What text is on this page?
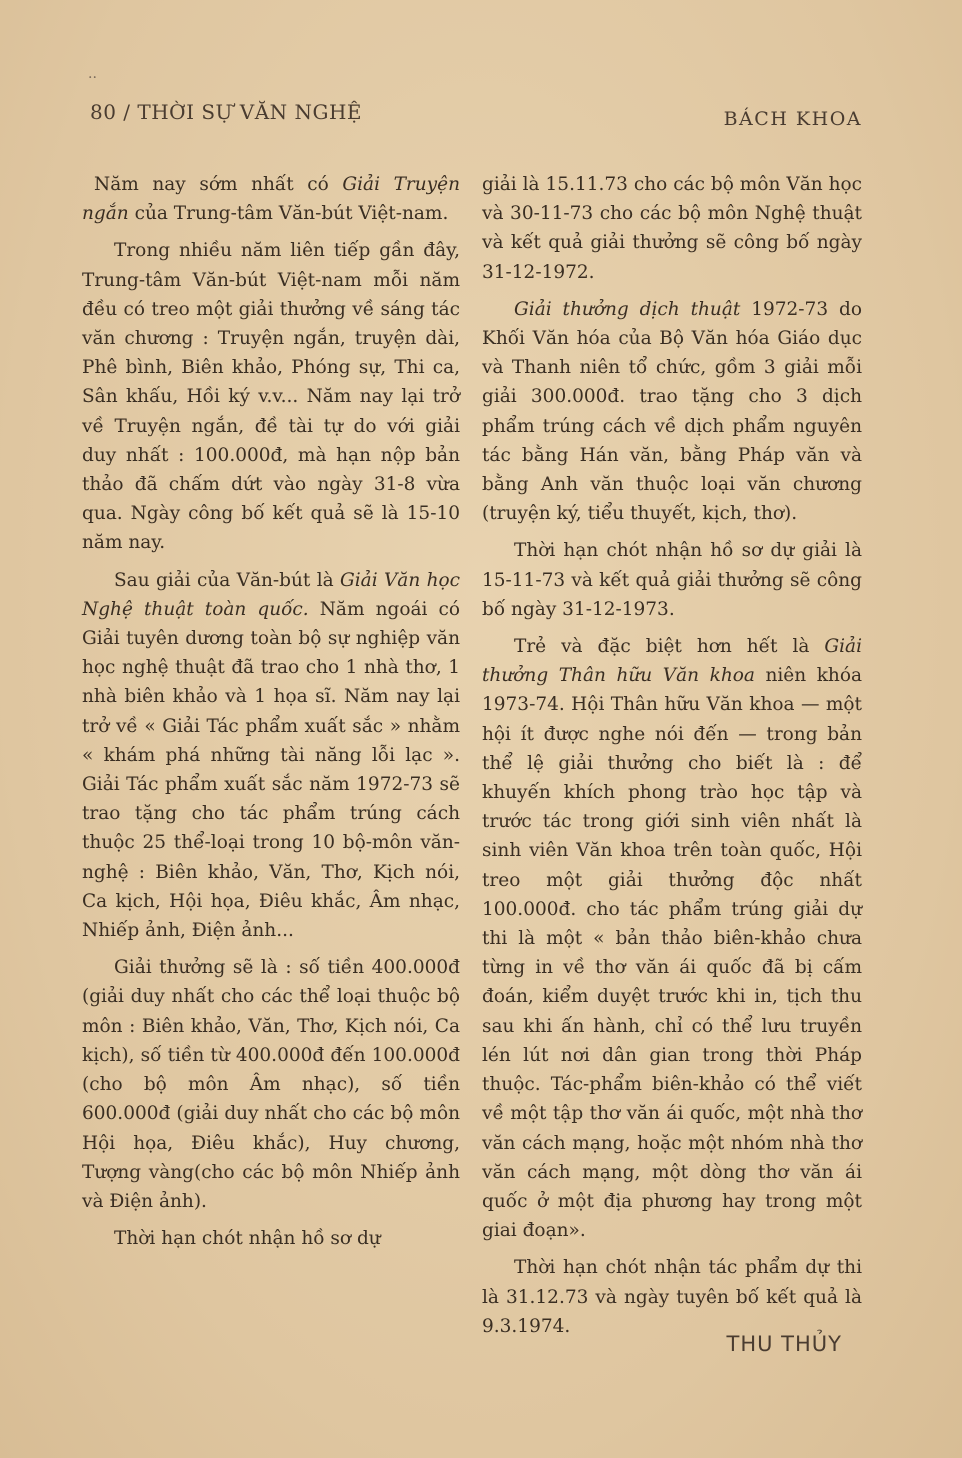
..
80 / THỜI SỰ VĂN NGHỆ	BÁCH KHOA

Năm nay sớm nhất có Giải Truyện ngắn của Trung-tâm Văn-bút Việt-nam.

Trong nhiều năm liên tiếp gần đây, Trung-tâm Văn-bút Việt-nam mỗi năm đều có treo một giải thưởng về sáng tác văn chương : Truyện ngắn, truyện dài, Phê bình, Biên khảo, Phóng sự, Thi ca, Sân khấu, Hồi ký v.v... Năm nay lại trở về Truyện ngắn, đề tài tự do với giải duy nhất : 100.000đ, mà hạn nộp bản thảo đã chấm dứt vào ngày 31-8 vừa qua. Ngày công bố kết quả sẽ là 15-10 năm nay.

Sau giải của Văn-bút là Giải Văn học Nghệ thuật toàn quốc. Năm ngoái có Giải tuyên dương toàn bộ sự nghiệp văn học nghệ thuật đã trao cho 1 nhà thơ, 1 nhà biên khảo và 1 họa sĩ. Năm nay lại trở về « Giải Tác phẩm xuất sắc » nhằm « khám phá những tài năng lỗi lạc ». Giải Tác phẩm xuất sắc năm 1972-73 sẽ trao tặng cho tác phẩm trúng cách thuộc 25 thể-loại trong 10 bộ-môn văn-nghệ : Biên khảo, Văn, Thơ, Kịch nói, Ca kịch, Hội họa, Điêu khắc, Âm nhạc, Nhiếp ảnh, Điện ảnh...

Giải thưởng sẽ là : số tiền 400.000đ (giải duy nhất cho các thể loại thuộc bộ môn : Biên khảo, Văn, Thơ, Kịch nói, Ca kịch), số tiền từ 400.000đ đến 100.000đ (cho bộ môn Âm nhạc), số tiền 600.000đ (giải duy nhất cho các bộ môn Hội họa, Điêu khắc), Huy chương, Tượng vàng(cho các bộ môn Nhiếp ảnh và Điện ảnh).

Thời hạn chót nhận hồ sơ dự

giải là 15.11.73 cho các bộ môn Văn học và 30-11-73 cho các bộ môn Nghệ thuật và kết quả giải thưởng sẽ công bố ngày 31-12-1972.

Giải thưởng dịch thuật 1972-73 do Khối Văn hóa của Bộ Văn hóa Giáo dục và Thanh niên tổ chức, gồm 3 giải mỗi giải 300.000đ. trao tặng cho 3 dịch phẩm trúng cách về dịch phẩm nguyên tác bằng Hán văn, bằng Pháp văn và bằng Anh văn thuộc loại văn chương (truyện ký, tiểu thuyết, kịch, thơ).

Thời hạn chót nhận hồ sơ dự giải là 15-11-73 và kết quả giải thưởng sẽ công bố ngày 31-12-1973.

Trẻ và đặc biệt hơn hết là Giải thưởng Thân hữu Văn khoa niên khóa 1973-74. Hội Thân hữu Văn khoa — một hội ít được nghe nói đến — trong bản thể lệ giải thưởng cho biết là : để khuyến khích phong trào học tập và trước tác trong giới sinh viên nhất là sinh viên Văn khoa trên toàn quốc, Hội treo một giải thưởng độc nhất 100.000đ. cho tác phẩm trúng giải dự thi là một « bản thảo biên-khảo chưa từng in về thơ văn ái quốc đã bị cấm đoán, kiểm duyệt trước khi in, tịch thu sau khi ấn hành, chỉ có thể lưu truyền lén lút nơi dân gian trong thời Pháp thuộc. Tác-phẩm biên-khảo có thể viết về một tập thơ văn ái quốc, một nhà thơ văn cách mạng, hoặc một nhóm nhà thơ văn cách mạng, một dòng thơ văn ái quốc ở một địa phương hay trong một giai đoạn».

Thời hạn chót nhận tác phẩm dự thi là 31.12.73 và ngày tuyên bố kết quả là 9.3.1974.

THU THỦY
